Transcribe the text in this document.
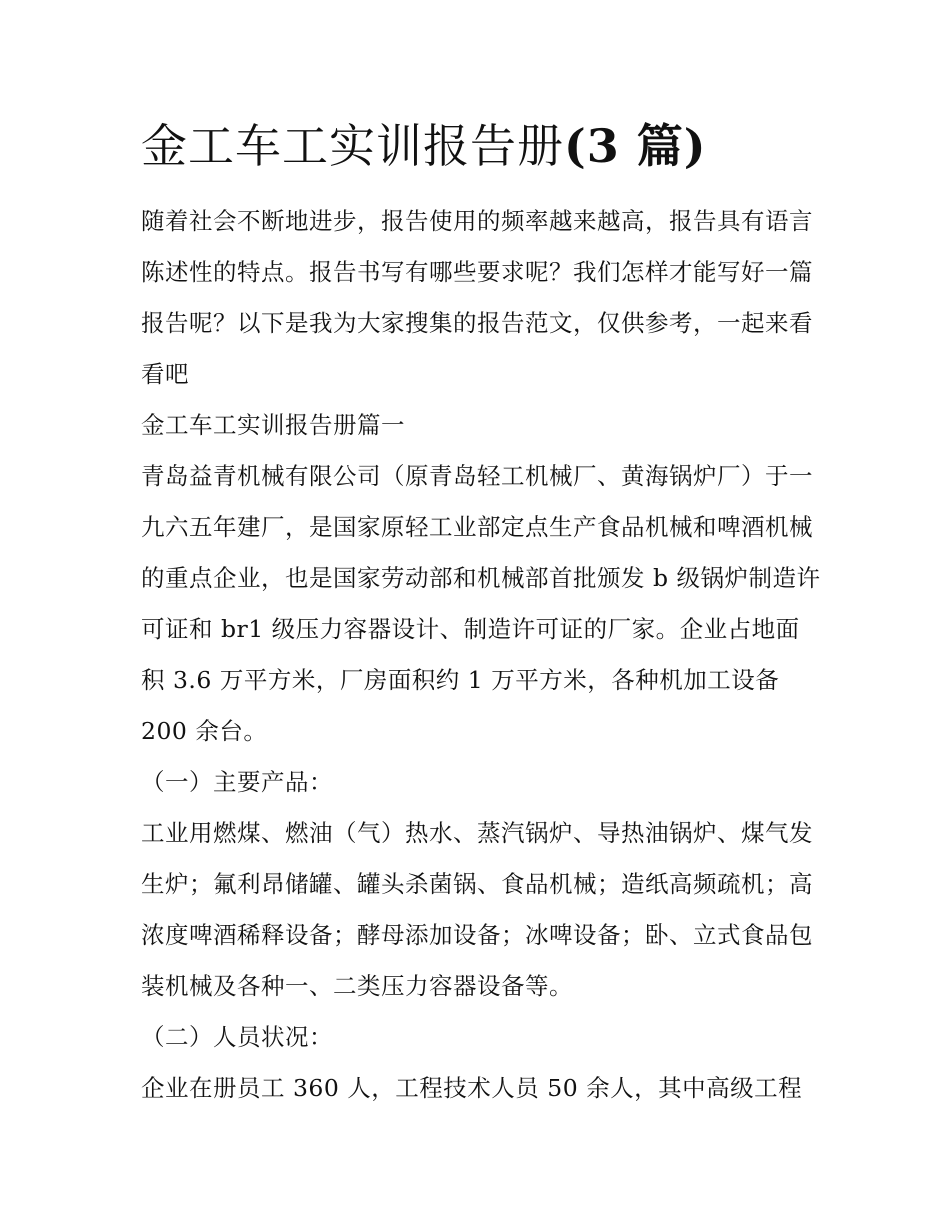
金工车工实训报告册(3 篇)

随着社会不断地进步，报告使用的频率越来越高，报告具有语言陈述性的特点。报告书写有哪些要求呢？我们怎样才能写好一篇报告呢？以下是我为大家搜集的报告范文，仅供参考，一起来看看吧

金工车工实训报告册篇一

青岛益青机械有限公司（原青岛轻工机械厂、黄海锅炉厂）于一九六五年建厂，是国家原轻工业部定点生产食品机械和啤酒机械的重点企业，也是国家劳动部和机械部首批颁发 b 级锅炉制造许可证和 br1 级压力容器设计、制造许可证的厂家。企业占地面积 3.6 万平方米，厂房面积约 1 万平方米，各种机加工设备 200 余台。

（一）主要产品：

工业用燃煤、燃油（气）热水、蒸汽锅炉、导热油锅炉、煤气发生炉；氟利昂储罐、罐头杀菌锅、食品机械；造纸高频疏机；高浓度啤酒稀释设备；酵母添加设备；冰啤设备；卧、立式食品包装机械及各种一、二类压力容器设备等。

（二）人员状况：

企业在册员工 360 人，工程技术人员 50 余人，其中高级工程
